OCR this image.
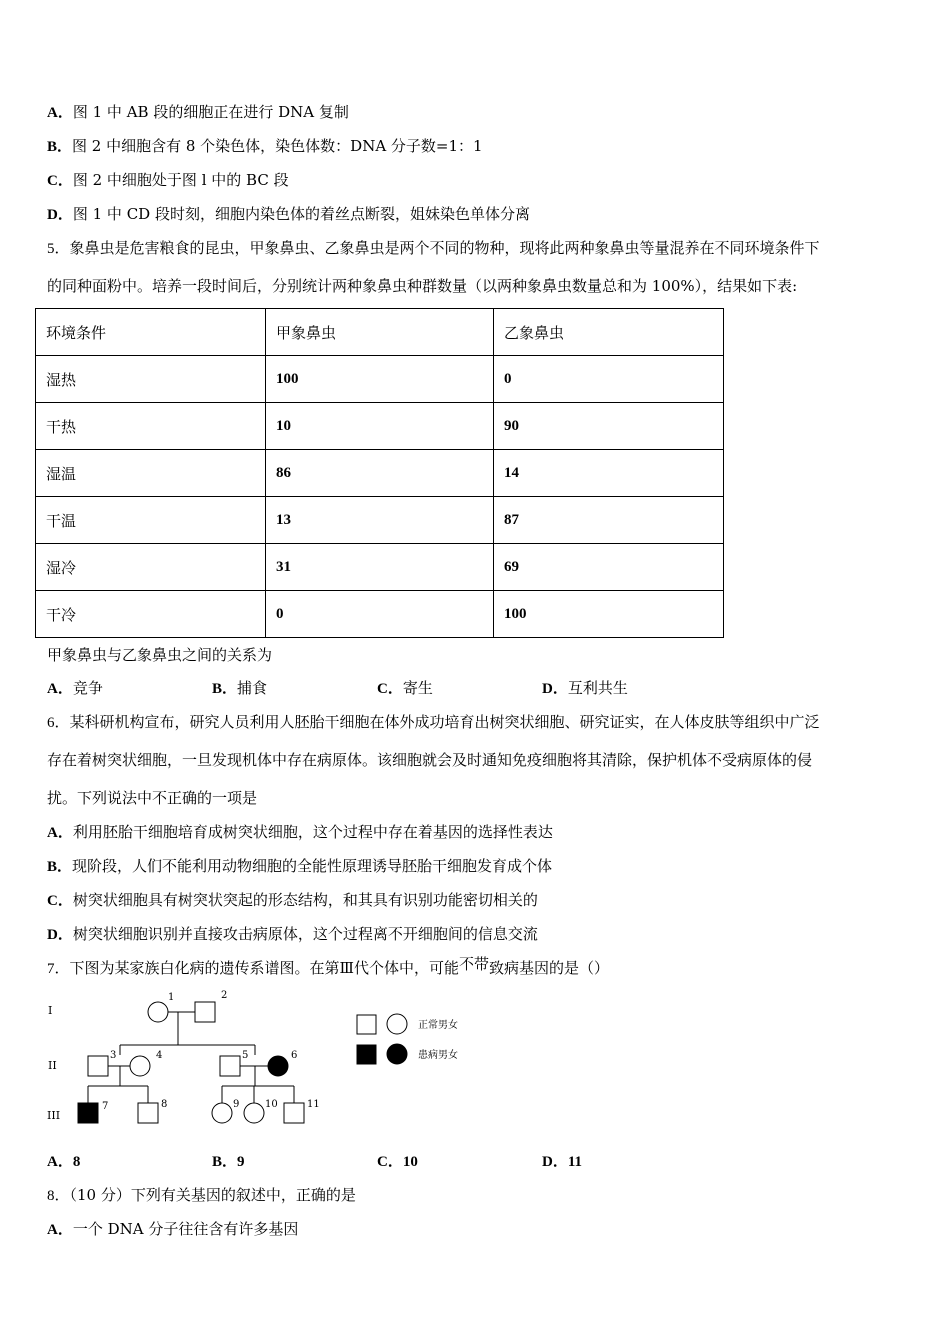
A．图 1 中 AB 段的细胞正在进行 DNA 复制
B．图 2 中细胞含有 8 个染色体，染色体数：DNA 分子数=1：1
C．图 2 中细胞处于图 l 中的 BC 段
D．图 1 中 CD 段时刻，细胞内染色体的着丝点断裂，姐妹染色单体分离
5．象鼻虫是危害粮食的昆虫，甲象鼻虫、乙象鼻虫是两个不同的物种，现将此两种象鼻虫等量混养在不同环境条件下
的同种面粉中。培养一段时间后，分别统计两种象鼻虫种群数量（以两种象鼻虫数量总和为 100%），结果如下表:
环境条件	甲象鼻虫	乙象鼻虫
湿热	100	0
干热	10	90
湿温	86	14
干温	13	87
湿冷	31	69
干冷	0	100
甲象鼻虫与乙象鼻虫之间的关系为
A．竞争	B．捕食	C．寄生	D．互利共生
6．某科研机构宣布，研究人员利用人胚胎干细胞在体外成功培育出树突状细胞、研究证实，在人体皮肤等组织中广泛
存在着树突状细胞，一旦发现机体中存在病原体。该细胞就会及时通知免疫细胞将其清除，保护机体不受病原体的侵
扰。下列说法中不正确的一项是
A．利用胚胎干细胞培育成树突状细胞，这个过程中存在着基因的选择性表达
B．现阶段，人们不能利用动物细胞的全能性原理诱导胚胎干细胞发育成个体
C．树突状细胞具有树突状突起的形态结构，和其具有识别功能密切相关的
D．树突状细胞识别并直接攻击病原体，这个过程离不开细胞间的信息交流
7．下图为某家族白化病的遗传系谱图。在第Ⅲ代个体中，可能不带致病基因的是（）
I
II
III
1	2
3	4	5	6
7	8	9	10	11
正常男女
患病男女
A．8	B．9	C．10	D．11
8．（10 分）下列有关基因的叙述中，正确的是
A．一个 DNA 分子往往含有许多基因
